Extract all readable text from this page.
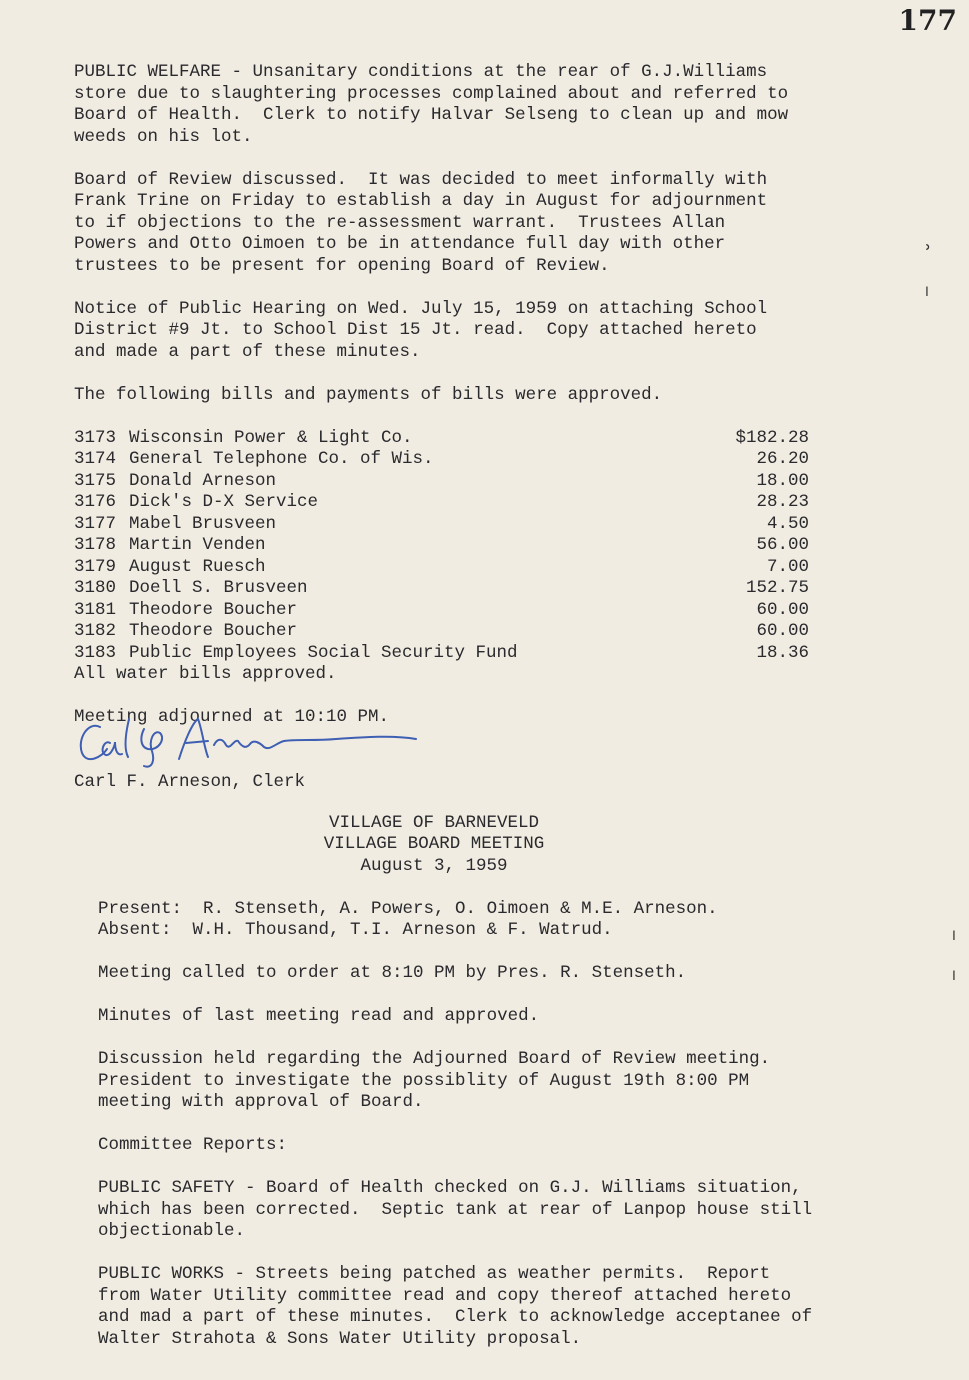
177
PUBLIC WELFARE - Unsanitary conditions at the rear of G.J.Williams
store due to slaughtering processes complained about and referred to
Board of Health.  Clerk to notify Halvar Selseng to clean up and mow
weeds on his lot.
Board of Review discussed.  It was decided to meet informally with
Frank Trine on Friday to establish a day in August for adjournment
to if objections to the re-assessment warrant.  Trustees Allan
Powers and Otto Oimoen to be in attendance full day with other
trustees to be present for opening Board of Review.
Notice of Public Hearing on Wed. July 15, 1959 on attaching School
District #9 Jt. to School Dist 15 Jt. read.  Copy attached hereto
and made a part of these minutes.
The following bills and payments of bills were approved.
3173 Wisconsin Power & Light Co.	$182.28
3174 General Telephone Co. of Wis.	26.20
3175 Donald Arneson	18.00
3176 Dick's D-X Service	28.23
3177 Mabel Brusveen	4.50
3178 Martin Venden	56.00
3179 August Ruesch	7.00
3180 Doell S. Brusveen	152.75
3181 Theodore Boucher	60.00
3182 Theodore Boucher	60.00
3183 Public Employees Social Security Fund	18.36
All water bills approved.
Meeting adjourned at 10:10 PM.
Carl F. Arneson, Clerk
VILLAGE OF BARNEVELD
VILLAGE BOARD MEETING
August 3, 1959
Present:  R. Stenseth, A. Powers, O. Oimoen & M.E. Arneson.
Absent:  W.H. Thousand, T.I. Arneson & F. Watrud.
Meeting called to order at 8:10 PM by Pres. R. Stenseth.
Minutes of last meeting read and approved.
Discussion held regarding the Adjourned Board of Review meeting.
President to investigate the possiblity of August 19th 8:00 PM
meeting with approval of Board.
Committee Reports:
PUBLIC SAFETY - Board of Health checked on G.J. Williams situation,
which has been corrected.  Septic tank at rear of Lanpop house still
objectionable.
PUBLIC WORKS - Streets being patched as weather permits.  Report
from Water Utility committee read and copy thereof attached hereto
and mad a part of these minutes.  Clerk to acknowledge acceptanee of
Walter Strahota & Sons Water Utility proposal.
ʾ
ˡ
ˡ
ˡ
